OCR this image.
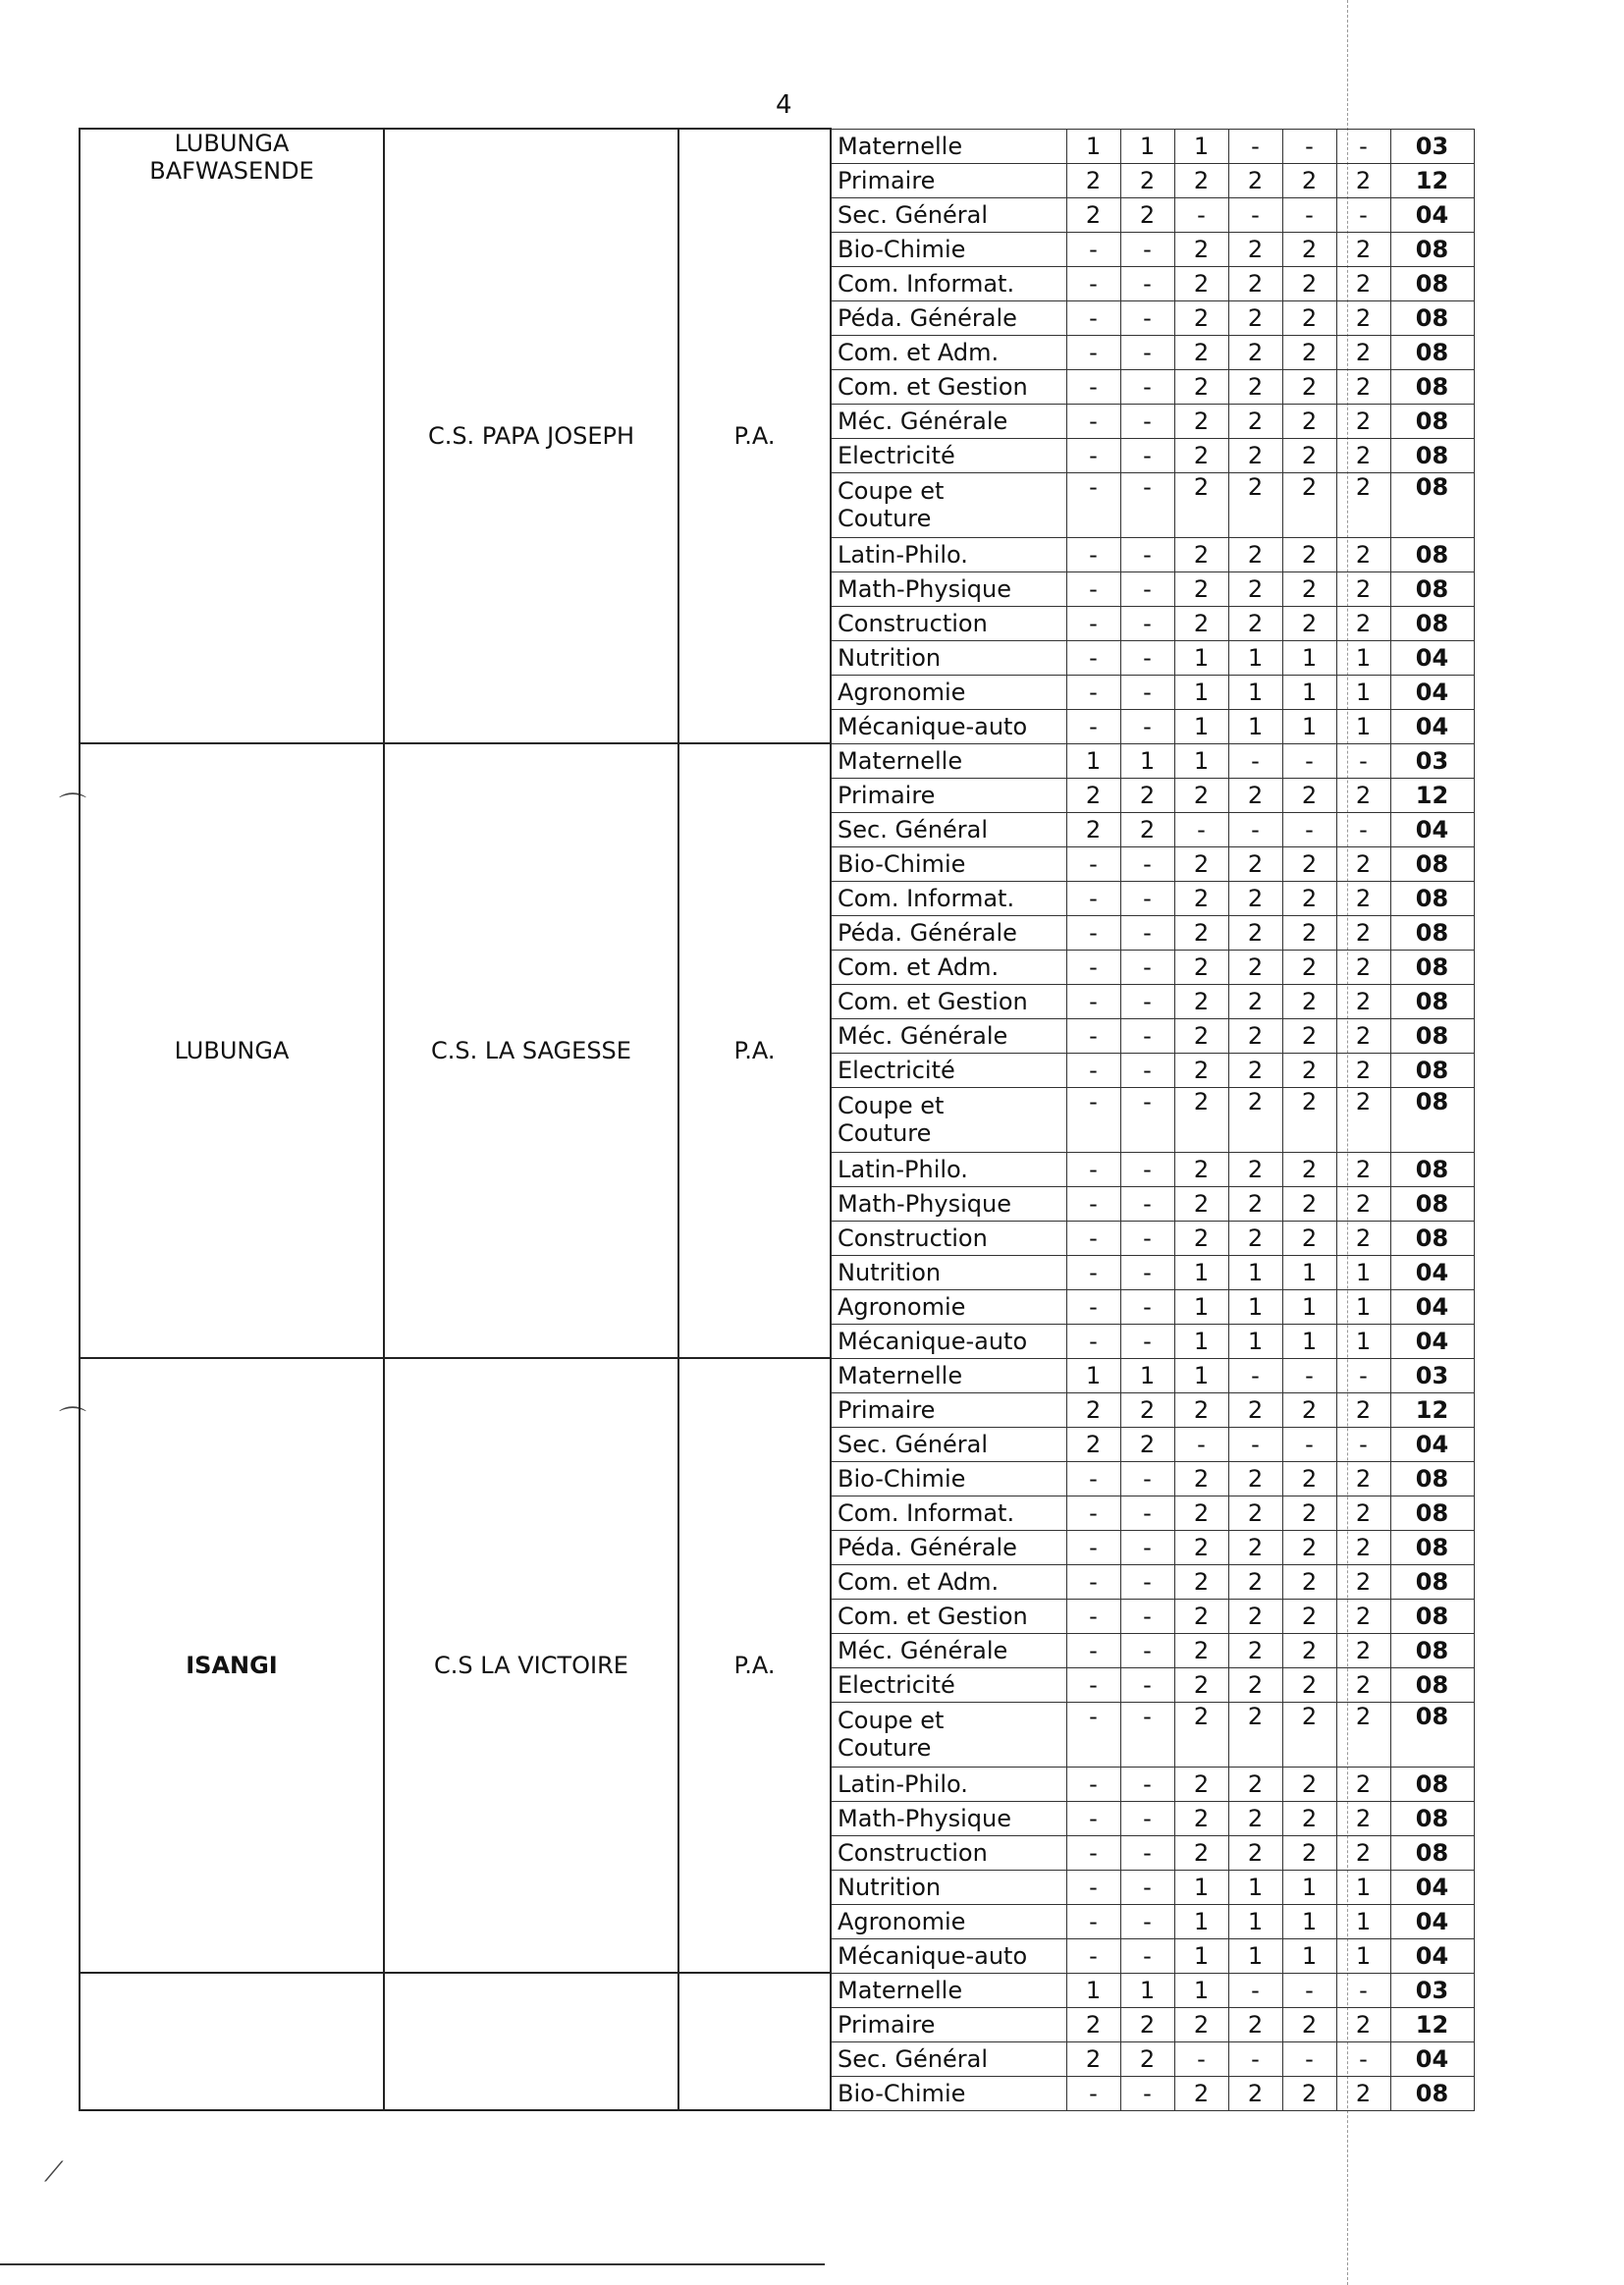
4
⌒
⌒
⟋
LUBUNGA
BAFWASENDE	C.S. PAPA JOSEPH	P.A.	Maternelle	1	1	1	-	-	-	03
			Primaire	2	2	2	2	2	2	12
			Sec. Général	2	2	-	-	-	-	04
			Bio-Chimie	-	-	2	2	2	2	08
			Com. Informat.	-	-	2	2	2	2	08
			Péda. Générale	-	-	2	2	2	2	08
			Com. et Adm.	-	-	2	2	2	2	08
			Com. et Gestion	-	-	2	2	2	2	08
			Méc. Générale	-	-	2	2	2	2	08
			Electricité	-	-	2	2	2	2	08
			Coupe et
Couture	-	-	2	2	2	2	08
			Latin-Philo.	-	-	2	2	2	2	08
			Math-Physique	-	-	2	2	2	2	08
			Construction	-	-	2	2	2	2	08
			Nutrition	-	-	1	1	1	1	04
			Agronomie	-	-	1	1	1	1	04
			Mécanique-auto	-	-	1	1	1	1	04
LUBUNGA	C.S. LA SAGESSE	P.A.	Maternelle	1	1	1	-	-	-	03
			Primaire	2	2	2	2	2	2	12
			Sec. Général	2	2	-	-	-	-	04
			Bio-Chimie	-	-	2	2	2	2	08
			Com. Informat.	-	-	2	2	2	2	08
			Péda. Générale	-	-	2	2	2	2	08
			Com. et Adm.	-	-	2	2	2	2	08
			Com. et Gestion	-	-	2	2	2	2	08
			Méc. Générale	-	-	2	2	2	2	08
			Electricité	-	-	2	2	2	2	08
			Coupe et
Couture	-	-	2	2	2	2	08
			Latin-Philo.	-	-	2	2	2	2	08
			Math-Physique	-	-	2	2	2	2	08
			Construction	-	-	2	2	2	2	08
			Nutrition	-	-	1	1	1	1	04
			Agronomie	-	-	1	1	1	1	04
			Mécanique-auto	-	-	1	1	1	1	04
ISANGI	C.S LA VICTOIRE	P.A.	Maternelle	1	1	1	-	-	-	03
			Primaire	2	2	2	2	2	2	12
			Sec. Général	2	2	-	-	-	-	04
			Bio-Chimie	-	-	2	2	2	2	08
			Com. Informat.	-	-	2	2	2	2	08
			Péda. Générale	-	-	2	2	2	2	08
			Com. et Adm.	-	-	2	2	2	2	08
			Com. et Gestion	-	-	2	2	2	2	08
			Méc. Générale	-	-	2	2	2	2	08
			Electricité	-	-	2	2	2	2	08
			Coupe et
Couture	-	-	2	2	2	2	08
			Latin-Philo.	-	-	2	2	2	2	08
			Math-Physique	-	-	2	2	2	2	08
			Construction	-	-	2	2	2	2	08
			Nutrition	-	-	1	1	1	1	04
			Agronomie	-	-	1	1	1	1	04
			Mécanique-auto	-	-	1	1	1	1	04
			Maternelle	1	1	1	-	-	-	03
			Primaire	2	2	2	2	2	2	12
			Sec. Général	2	2	-	-	-	-	04
			Bio-Chimie	-	-	2	2	2	2	08
